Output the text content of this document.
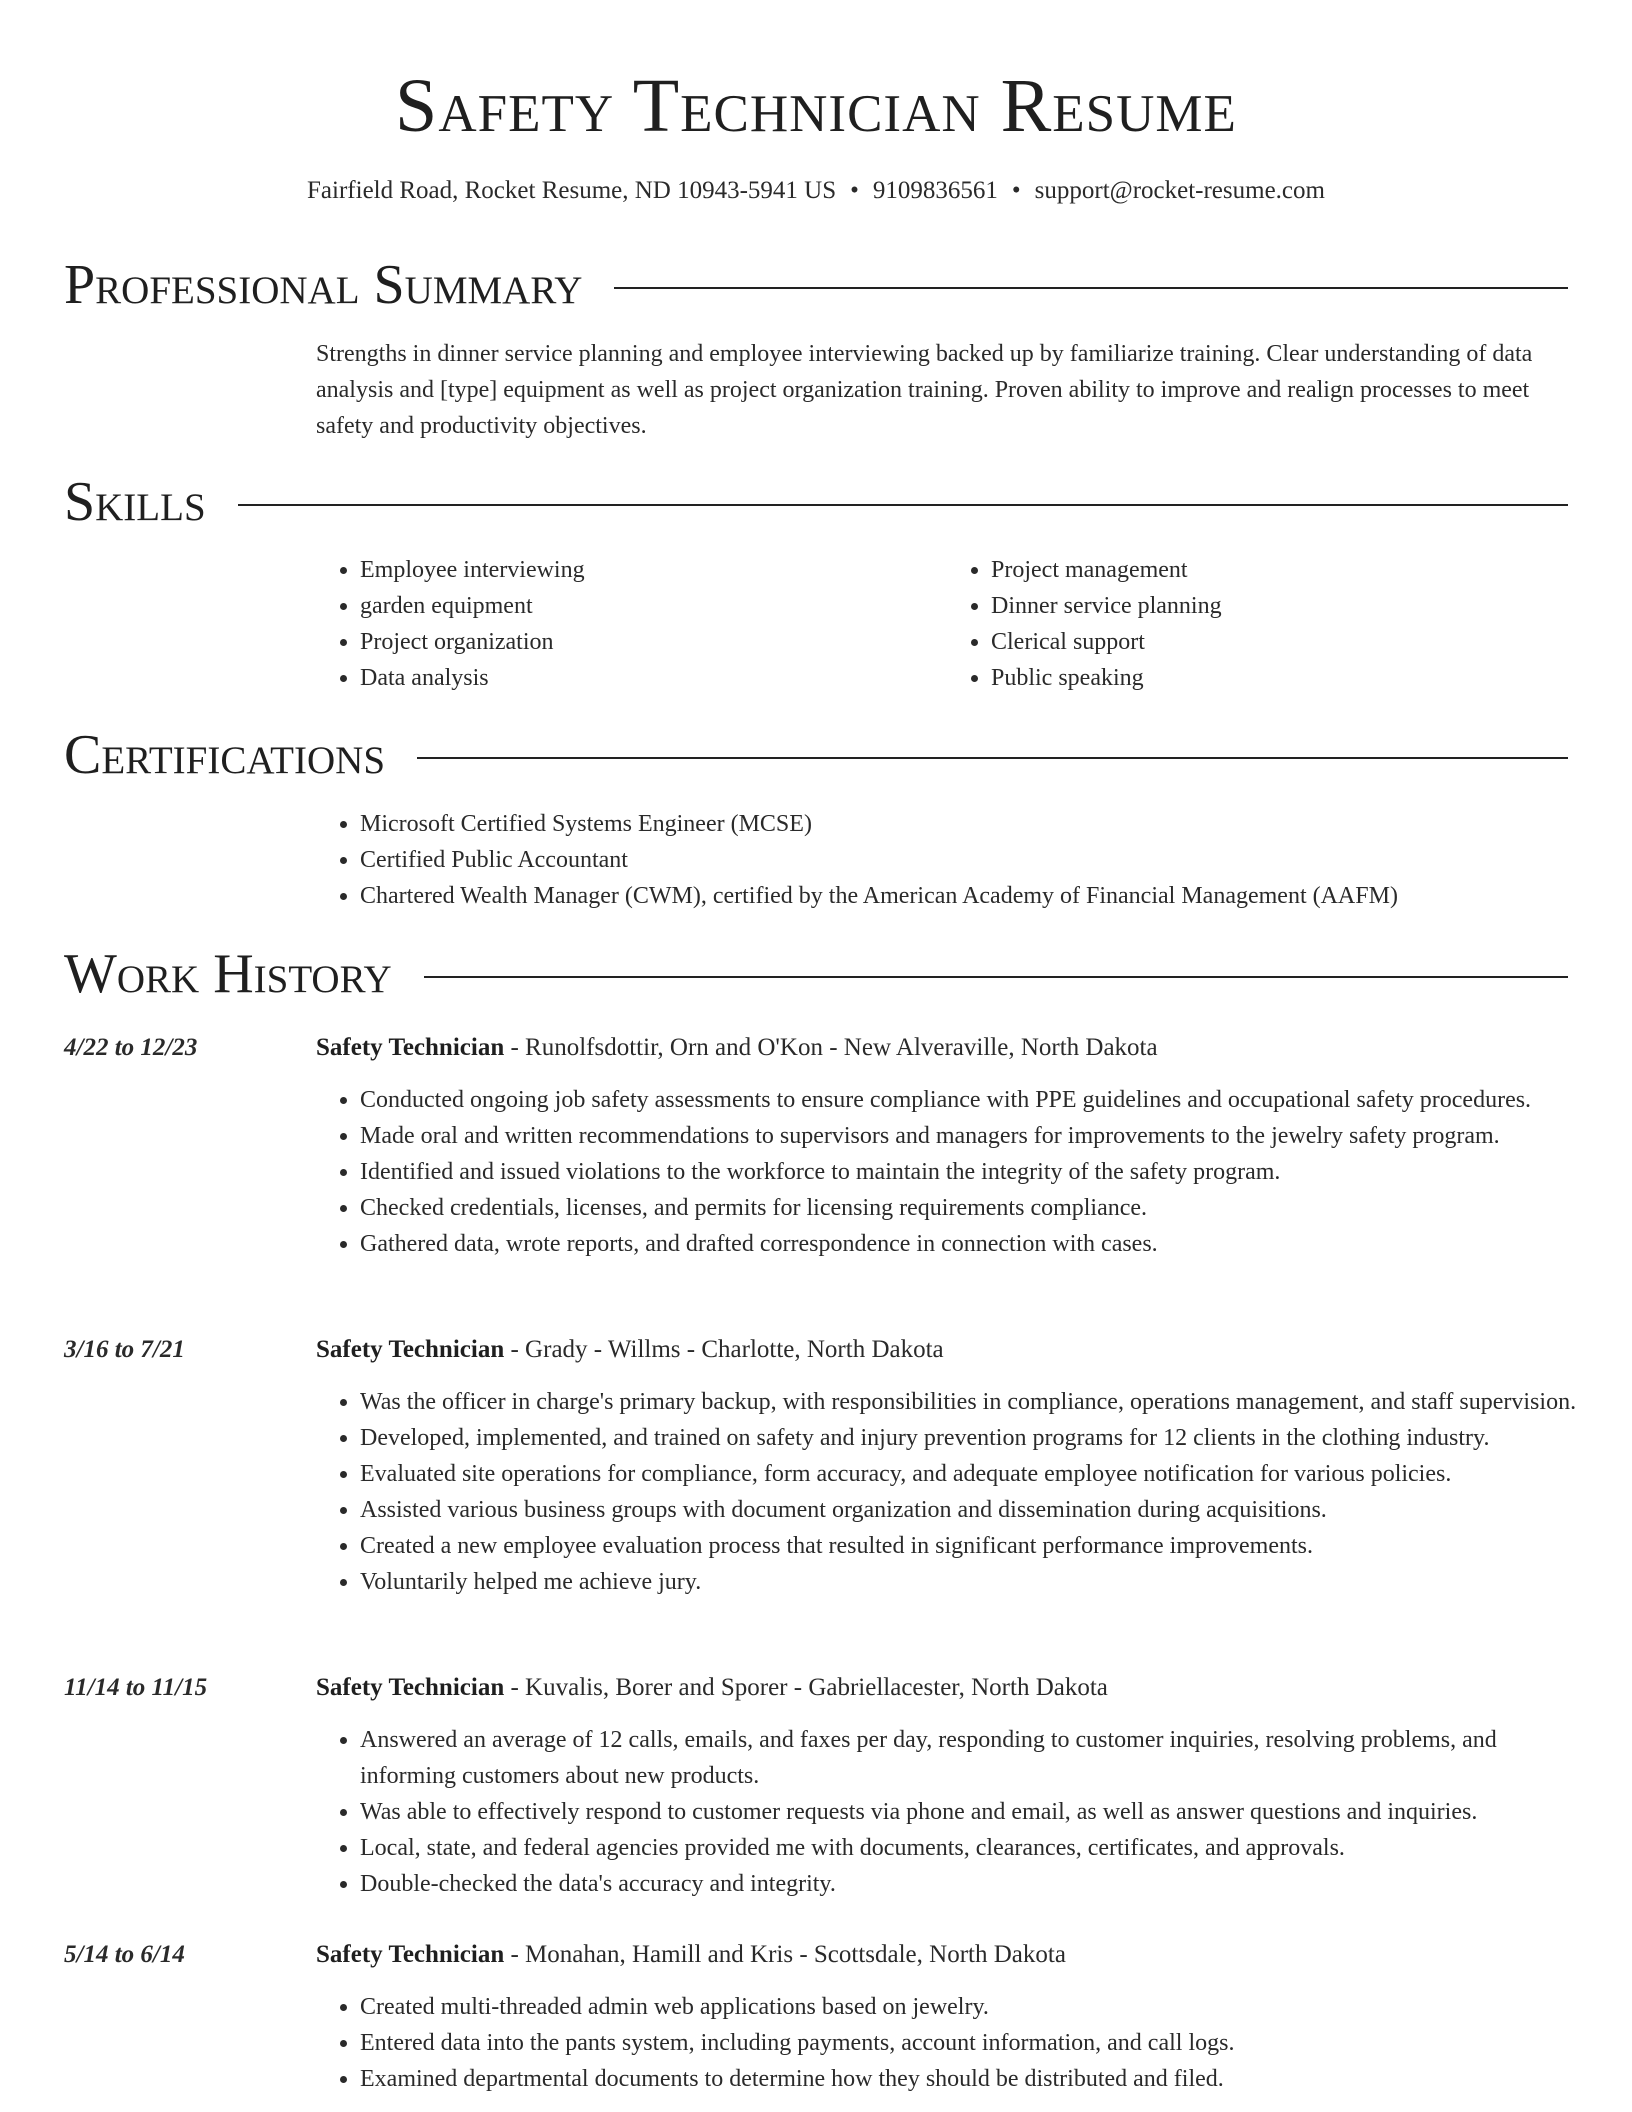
Safety Technician Resume
Fairfield Road, Rocket Resume, ND 10943-5941 US • 9109836561 • support@rocket-resume.com
Professional Summary
Strengths in dinner service planning and employee interviewing backed up by familiarize training. Clear understanding of data analysis and [type] equipment as well as project organization training. Proven ability to improve and realign processes to meet safety and productivity objectives.
Skills
• Employee interviewing
• garden equipment
• Project organization
• Data analysis
• Project management
• Dinner service planning
• Clerical support
• Public speaking
Certifications
• Microsoft Certified Systems Engineer (MCSE)
• Certified Public Accountant
• Chartered Wealth Manager (CWM), certified by the American Academy of Financial Management (AAFM)
Work History
4/22 to 12/23	Safety Technician - Runolfsdottir, Orn and O'Kon - New Alveraville, North Dakota
• Conducted ongoing job safety assessments to ensure compliance with PPE guidelines and occupational safety procedures.
• Made oral and written recommendations to supervisors and managers for improvements to the jewelry safety program.
• Identified and issued violations to the workforce to maintain the integrity of the safety program.
• Checked credentials, licenses, and permits for licensing requirements compliance.
• Gathered data, wrote reports, and drafted correspondence in connection with cases.
3/16 to 7/21	Safety Technician - Grady - Willms - Charlotte, North Dakota
• Was the officer in charge's primary backup, with responsibilities in compliance, operations management, and staff supervision.
• Developed, implemented, and trained on safety and injury prevention programs for 12 clients in the clothing industry.
• Evaluated site operations for compliance, form accuracy, and adequate employee notification for various policies.
• Assisted various business groups with document organization and dissemination during acquisitions.
• Created a new employee evaluation process that resulted in significant performance improvements.
• Voluntarily helped me achieve jury.
11/14 to 11/15	Safety Technician - Kuvalis, Borer and Sporer - Gabriellacester, North Dakota
• Answered an average of 12 calls, emails, and faxes per day, responding to customer inquiries, resolving problems, and informing customers about new products.
• Was able to effectively respond to customer requests via phone and email, as well as answer questions and inquiries.
• Local, state, and federal agencies provided me with documents, clearances, certificates, and approvals.
• Double-checked the data's accuracy and integrity.
5/14 to 6/14	Safety Technician - Monahan, Hamill and Kris - Scottsdale, North Dakota
• Created multi-threaded admin web applications based on jewelry.
• Entered data into the pants system, including payments, account information, and call logs.
• Examined departmental documents to determine how they should be distributed and filed.
